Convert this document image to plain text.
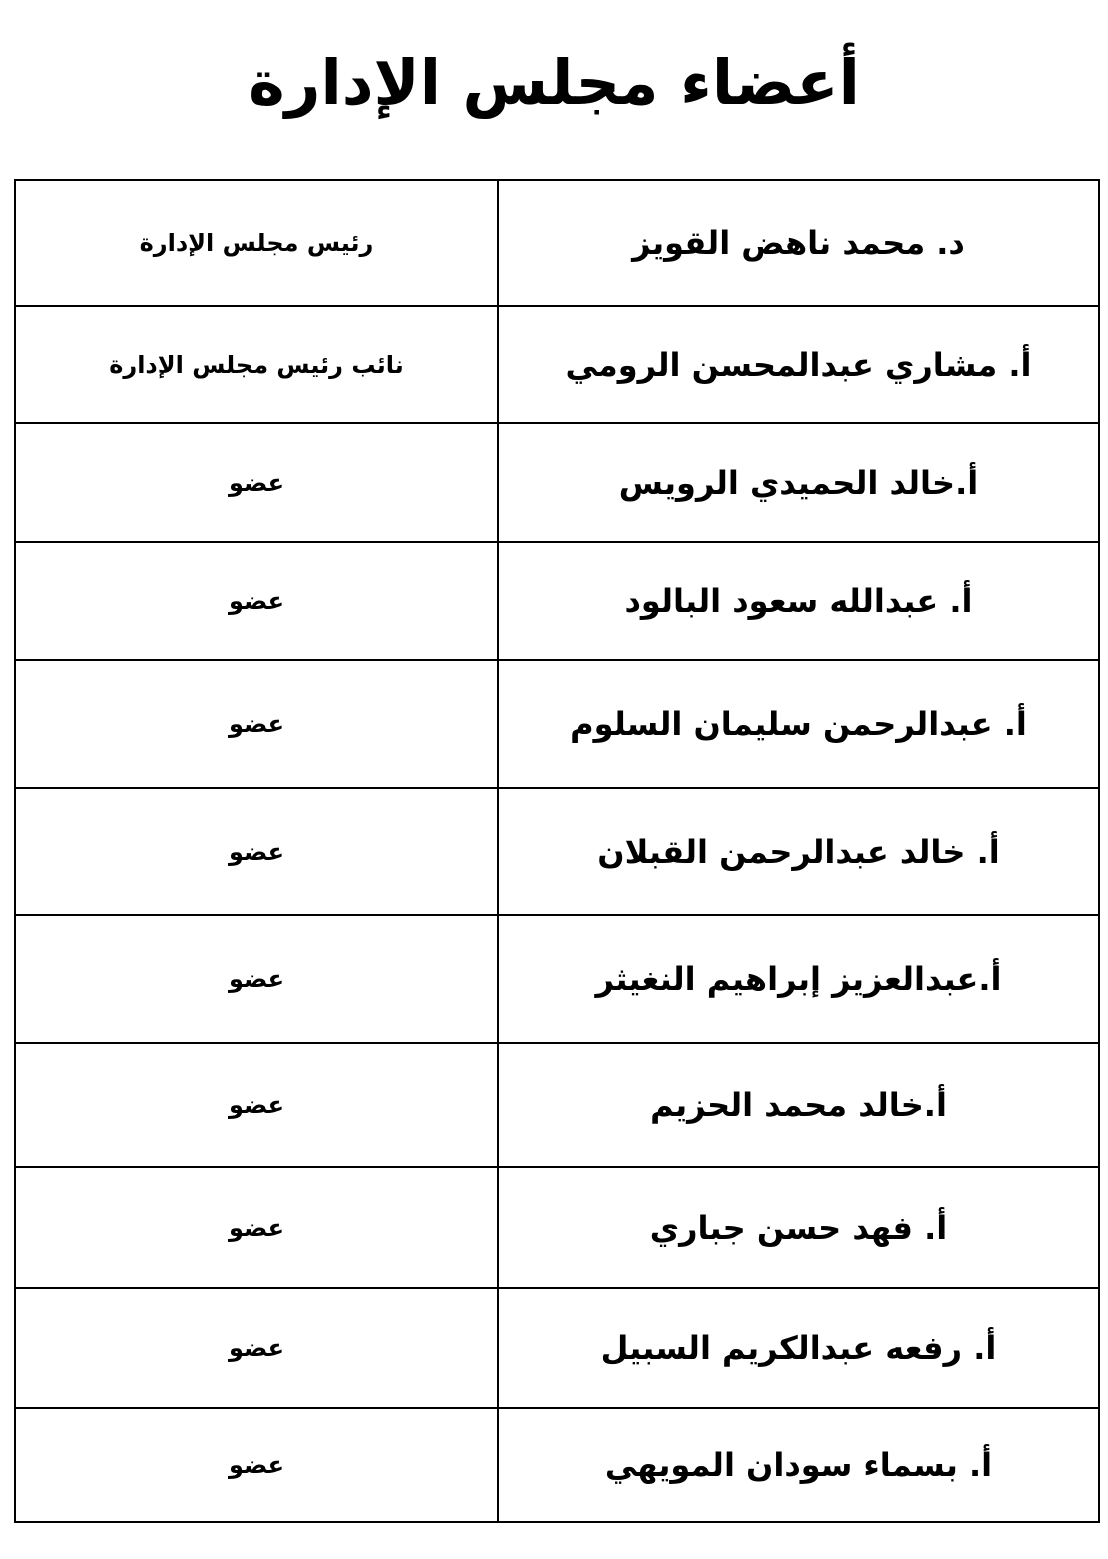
أعضاء مجلس الإدارة
د. محمد ناهض القويز	رئيس مجلس الإدارة
أ. مشاري عبدالمحسن الرومي	نائب رئيس مجلس الإدارة
أ.خالد الحميدي الرويس	عضو
أ. عبدالله سعود البالود	عضو
أ. عبدالرحمن سليمان السلوم	عضو
أ. خالد عبدالرحمن القبلان	عضو
أ.عبدالعزيز إبراهيم النغيثر	عضو
أ.خالد محمد الحزيم	عضو
أ. فهد حسن جباري	عضو
أ. رفعه عبدالكريم السبيل	عضو
أ. بسماء سودان المويهي	عضو
